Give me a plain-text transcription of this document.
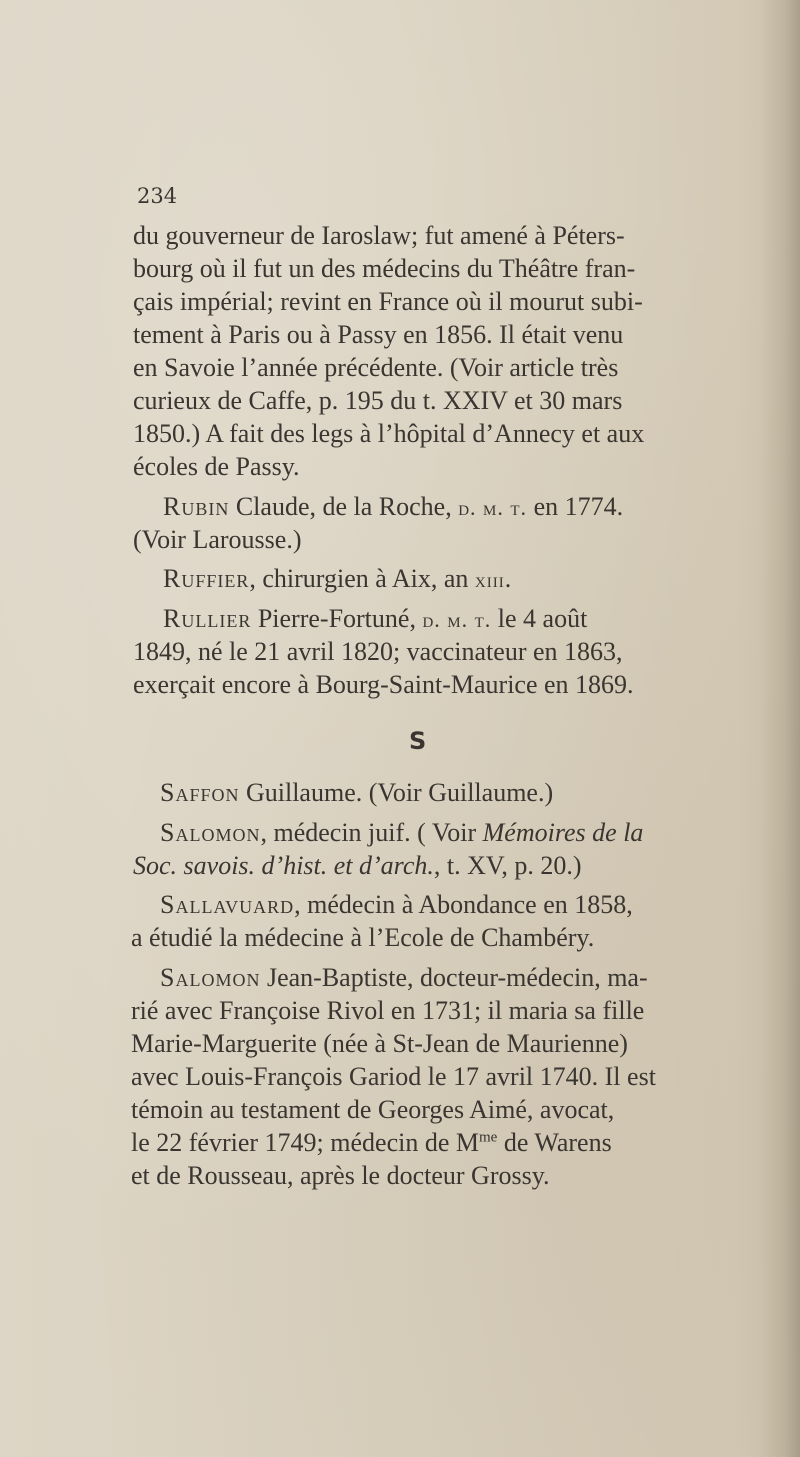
234
du gouverneur de Iaroslaw; fut amené à Péters-
bourg où il fut un des médecins du Théâtre fran-
çais impérial; revint en France où il mourut subi-
tement à Paris ou à Passy en 1856. Il était venu
en Savoie l’année précédente. (Voir article très
curieux de Caffe, p. 195 du t. XXIV et 30 mars
1850.) A fait des legs à l’hôpital d’Annecy et aux
écoles de Passy.
Rubin Claude, de la Roche, d. m. t. en 1774.
(Voir Larousse.)
Ruffier, chirurgien à Aix, an xiii.
Rullier Pierre-Fortuné, d. m. t. le 4 août
1849, né le 21 avril 1820; vaccinateur en 1863,
exerçait encore à Bourg-Saint-Maurice en 1869.
S
Saffon Guillaume. (Voir Guillaume.)
Salomon, médecin juif. ( Voir Mémoires de la
Soc. savois. d’hist. et d’arch., t. XV, p. 20.)
Sallavuard, médecin à Abondance en 1858,
a étudié la médecine à l’Ecole de Chambéry.
Salomon Jean-Baptiste, docteur-médecin, ma-
rié avec Françoise Rivol en 1731; il maria sa fille
Marie-Marguerite (née à St-Jean de Maurienne)
avec Louis-François Gariod le 17 avril 1740. Il est
témoin au testament de Georges Aimé, avocat,
le 22 février 1749; médecin de $M^{me}$ de Warens
et de Rousseau, après le docteur Grossy.
